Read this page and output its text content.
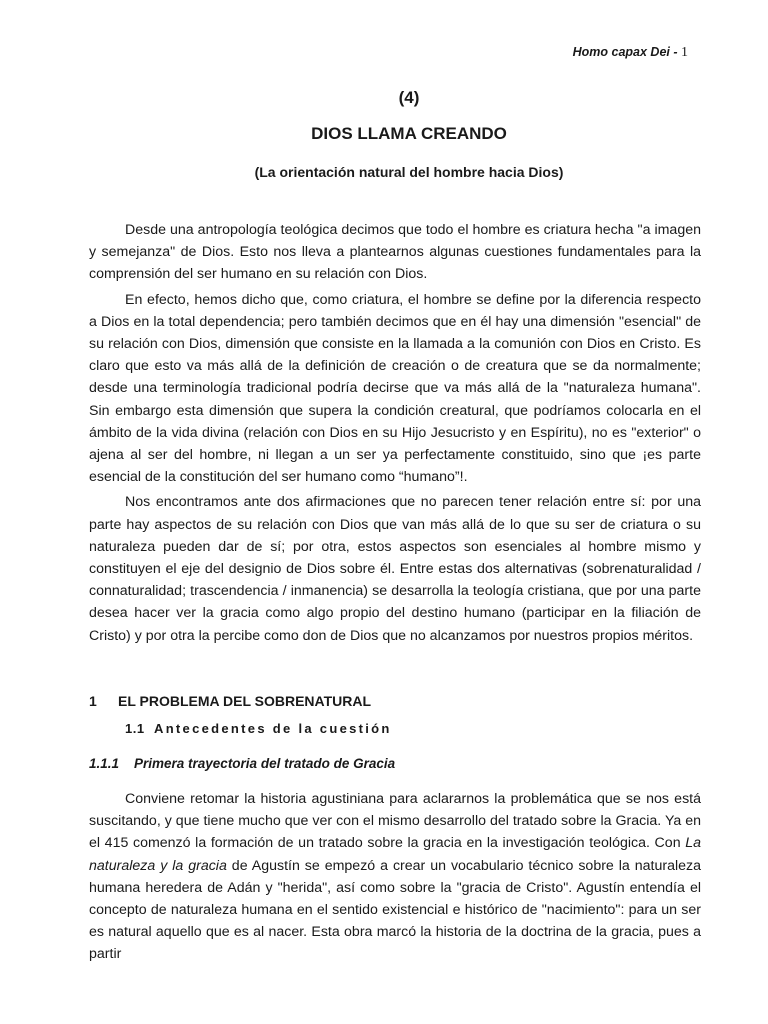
Homo capax Dei - 1
(4)
DIOS LLAMA CREANDO
(La orientación natural del hombre hacia Dios)

Desde una antropología teológica decimos que todo el hombre es criatura hecha "a imagen y semejanza" de Dios. Esto nos lleva a plantearnos algunas cuestiones fundamentales para la comprensión del ser humano en su relación con Dios.

En efecto, hemos dicho que, como criatura, el hombre se define por la diferencia respecto a Dios en la total dependencia; pero también decimos que en él hay una dimensión "esencial" de su relación con Dios, dimensión que consiste en la llamada a la comunión con Dios en Cristo. Es claro que esto va más allá de la definición de creación o de creatura que se da normalmente; desde una terminología tradicional podría decirse que va más allá de la "naturaleza humana". Sin embargo esta dimensión que supera la condición creatural, que podríamos colocarla en el ámbito de la vida divina (relación con Dios en su Hijo Jesucristo y en Espíritu), no es "exterior" o ajena al ser del hombre, ni llegan a un ser ya perfectamente constituido, sino que ¡es parte esencial de la constitución del ser humano como “humano”!.

Nos encontramos ante dos afirmaciones que no parecen tener relación entre sí: por una parte hay aspectos de su relación con Dios que van más allá de lo que su ser de criatura o su naturaleza pueden dar de sí; por otra, estos aspectos son esenciales al hombre mismo y constituyen el eje del designio de Dios sobre él. Entre estas dos alternativas (sobrenaturalidad / connaturalidad; trascendencia / inmanencia) se desarrolla la teología cristiana, que por una parte desea hacer ver la gracia como algo propio del destino humano (participar en la filiación de Cristo) y por otra la percibe como don de Dios que no alcanzamos por nuestros propios méritos.

1 EL PROBLEMA DEL SOBRENATURAL
1.1 Antecedentes de la cuestión
1.1.1 Primera trayectoria del tratado de Gracia

Conviene retomar la historia agustiniana para aclararnos la problemática que se nos está suscitando, y que tiene mucho que ver con el mismo desarrollo del tratado sobre la Gracia. Ya en el 415 comenzó la formación de un tratado sobre la gracia en la investigación teológica. Con La naturaleza y la gracia de Agustín se empezó a crear un vocabulario técnico sobre la naturaleza humana heredera de Adán y "herida", así como sobre la "gracia de Cristo". Agustín entendía el concepto de naturaleza humana en el sentido existencial e histórico de "nacimiento": para un ser es natural aquello que es al nacer. Esta obra marcó la historia de la doctrina de la gracia, pues a partir
